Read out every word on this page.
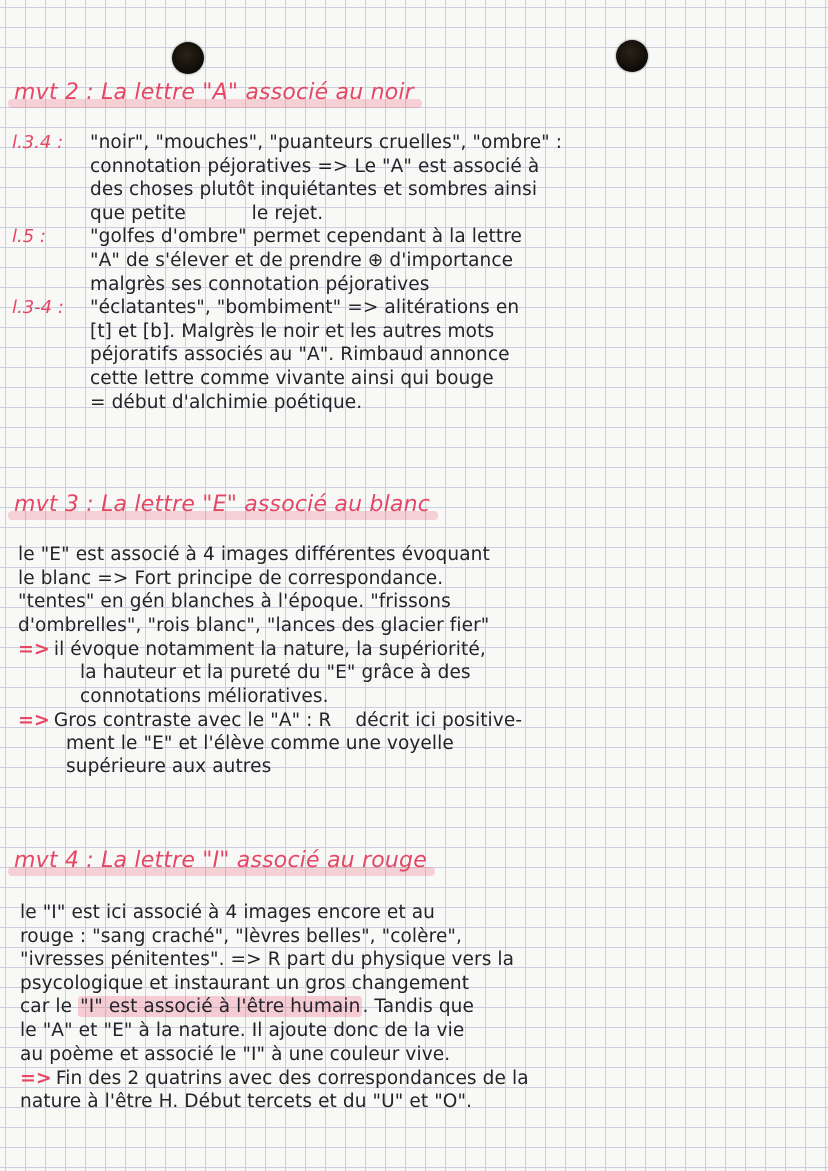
mvt 2 : La lettre "A" associé au noir
l.3.4 :	"noir", "mouches", "puanteurs cruelles", "ombre" :
connotation péjoratives => Le "A" est associé à
des choses plutôt inquiétantes et sombres ainsi
que petite           le rejet.
l.5 :	"golfes d'ombre" permet cependant à la lettre
"A" de s'élever et de prendre ⊕ d'importance
malgrès ses connotation péjoratives
l.3-4 :	"éclatantes", "bombiment" => alitérations en
[t] et [b]. Malgrès le noir et les autres mots
péjoratifs associés au "A". Rimbaud annonce
cette lettre comme vivante ainsi qui bouge
= début d'alchimie poétique.
mvt 3 : La lettre "E" associé au blanc
le "E" est associé à 4 images différentes évoquant
le blanc => Fort principe de correspondance.
"tentes" en gén blanches à l'époque. "frissons
d'ombrelles", "rois blanc", "lances des glacier fier"
=> il évoque notamment la nature, la supériorité,
la hauteur et la pureté du "E" grâce à des
connotations mélioratives.
=> Gros contraste avec le "A" : R    décrit ici positive-
ment le "E" et l'élève comme une voyelle
supérieure aux autres
mvt 4 : La lettre "I" associé au rouge
le "I" est ici associé à 4 images encore et au
rouge : "sang craché", "lèvres belles", "colère",
"ivresses pénitentes". => R part du physique vers la
psycologique et instaurant un gros changement
car le "I" est associé à l'être humain . Tandis que
le "A" et "E" à la nature. Il ajoute donc de la vie
au poème et associé le "I" à une couleur vive.
=> Fin des 2 quatrins avec des correspondances de la
nature à l'être H. Début tercets et du "U" et "O".
